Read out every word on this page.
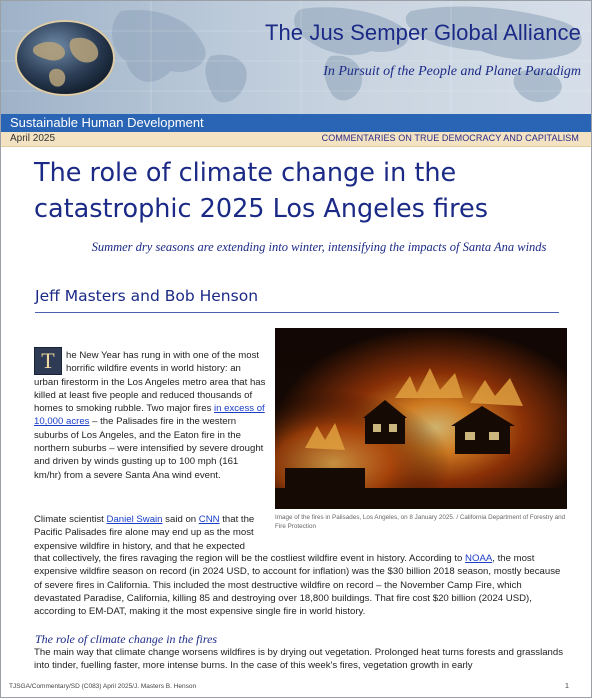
The Jus Semper Global Alliance
In Pursuit of the People and Planet Paradigm
Sustainable Human Development
April 2025	COMMENTARIES ON TRUE DEMOCRACY AND CAPITALISM
The role of climate change in the catastrophic 2025 Los Angeles fires
Summer dry seasons are extending into winter, intensifying the impacts of Santa Ana winds
Jeff Masters and Bob Henson
T	he New Year has rung in with one of the most horrific wildfire events in world history: an urban firestorm in the Los Angeles metro area that has killed at least five people and reduced thousands of homes to smoking rubble. Two major fires in excess of 10,000 acres – the Palisades fire in the western suburbs of Los Angeles, and the Eaton fire in the northern suburbs – were intensified by severe drought and driven by winds gusting up to 100 mph (161 km/hr) from a severe Santa Ana wind event.
Image of the fires in Palisades, Los Angeles, on 8 January 2025. / California Department of Forestry and Fire Protection
Climate scientist Daniel Swain said on CNN that the Pacific Palisades fire alone may end up as the most expensive wildfire in history, and that he expected
that collectively, the fires ravaging the region will be the costliest wildfire event in history. According to NOAA, the most expensive wildfire season on record (in 2024 USD, to account for inflation) was the $30 billion 2018 season, mostly because of severe fires in California. This included the most destructive wildfire on record – the November Camp Fire, which devastated Paradise, California, killing 85 and destroying over 18,800 buildings. That fire cost $20 billion (2024 USD), according to EM-DAT, making it the most expensive single fire in world history.
The role of climate change in the fires
The main way that climate change worsens wildfires is by drying out vegetation. Prolonged heat turns forests and grasslands into tinder, fuelling faster, more intense burns. In the case of this week's fires, vegetation growth in early
TJSGA/Commentary/SD (C083) April 2025/J. Masters B. Henson	1
